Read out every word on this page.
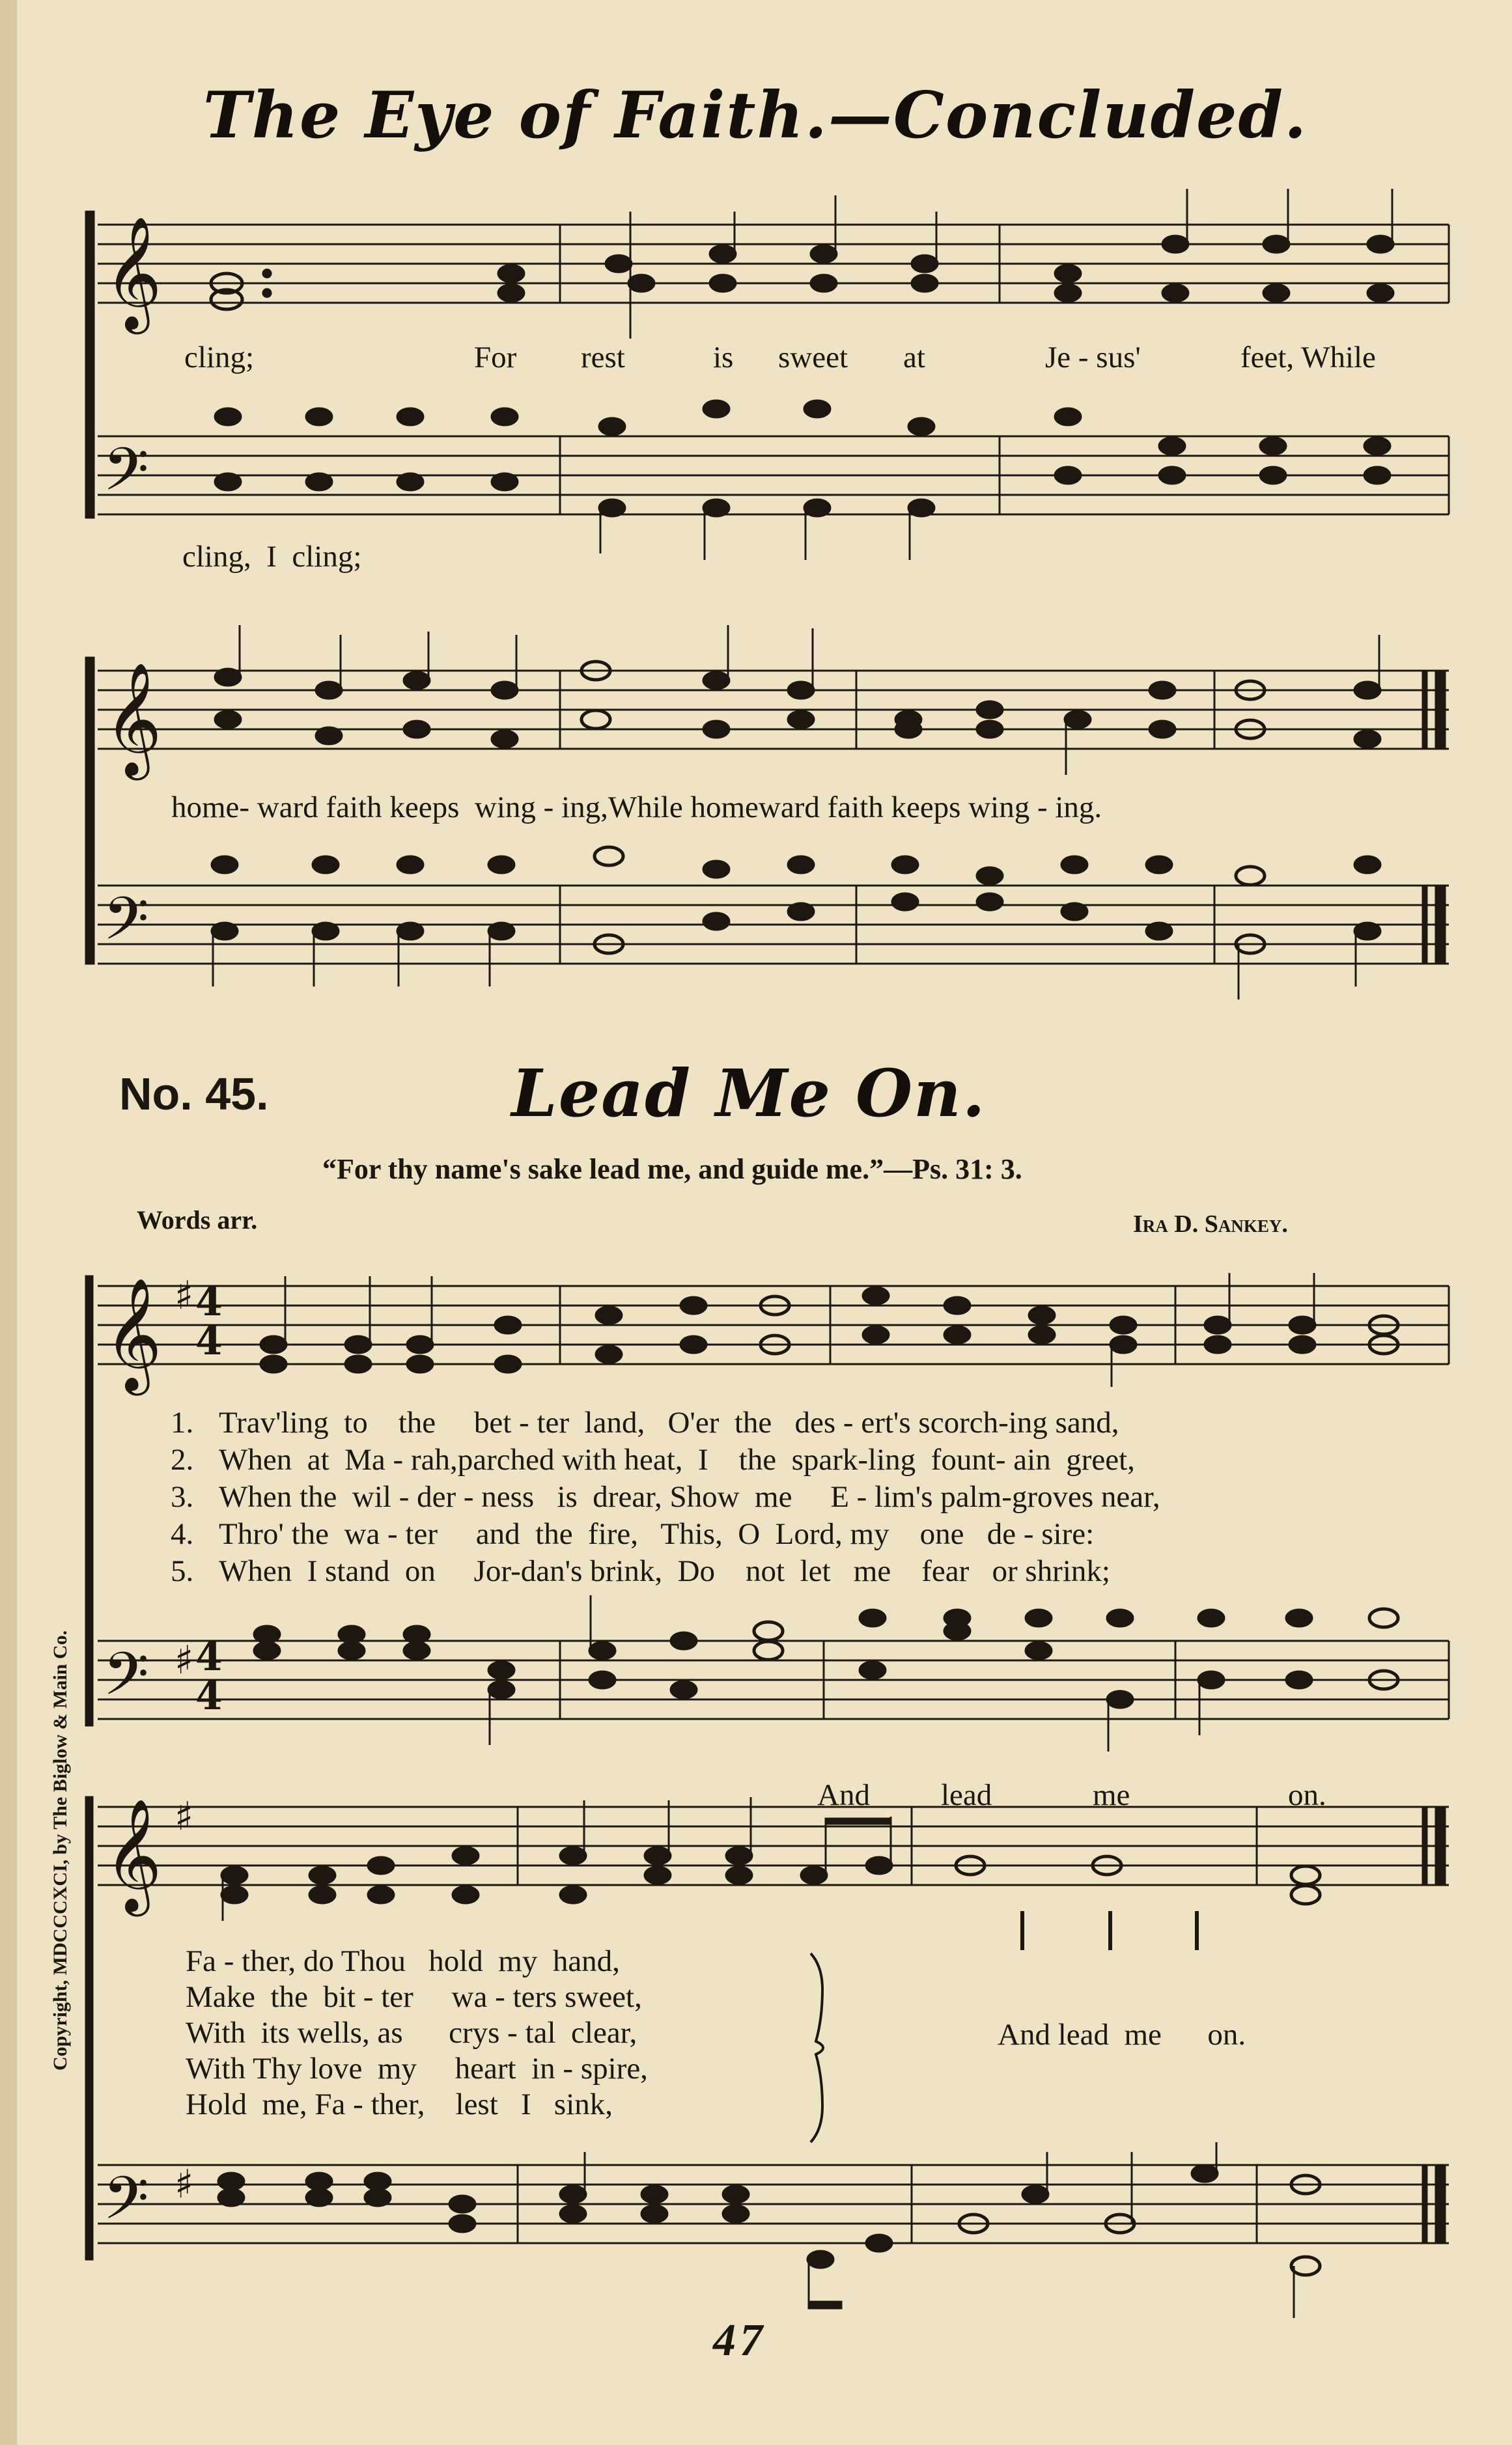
The Eye of Faith.—Concluded.
Copyright, MDCCCXCI, by The Biglow & Main Co.
𝄞
𝄢
𝄞
𝄢
𝄞 ♯ 4
4
𝄢 ♯ 4
4
𝄞 ♯
𝄢 ♯
cling;	For rest	is sweet at	Je - sus'	feet, While
cling,  I  cling;
home- ward faith keeps  wing - ing,While homeward faith keeps wing - ing.
No. 45.	Lead Me On.
“For thy name's sake lead me, and guide me.”—Ps. 31: 3.
Words arr.	Ira D. Sankey.
1. Trav'ling  to    the     bet - ter  land,   O'er  the   des - ert's scorch-ing sand,
2. When  at  Ma - rah,parched with heat,  I    the  spark-ling  fount- ain  greet,
3. When the  wil - der - ness   is  drear, Show  me     E - lim's palm-groves near,
4. Thro' the  wa - ter     and  the  fire,   This,  O  Lord, my    one   de - sire:
5. When  I stand  on     Jor-dan's brink,  Do    not  let   me    fear   or shrink;
And lead	me	on.
Fa - ther, do Thou   hold  my  hand,
Make  the  bit - ter     wa - ters sweet,
With  its wells, as      crys - tal  clear,
With Thy love  my     heart  in - spire,
Hold  me, Fa - ther,    lest   I   sink,
And lead  me      on.
47
